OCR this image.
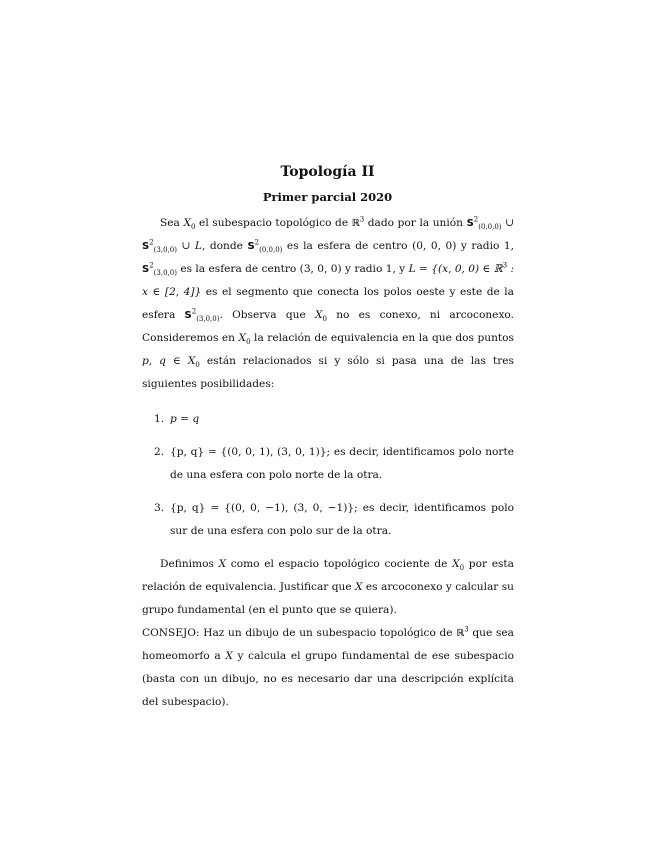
Topología II
Primer parcial 2020

Sea $X_0$ el subespacio topológico de ℝ$^3$ dado por la unión $S^2_{(0,0,0)}$ ∪ $S^2_{(3,0,0)}$ ∪ L, donde $S^2_{(0,0,0)}$ es la esfera de centro (0, 0, 0) y radio 1, $S^2_{(3,0,0)}$ es la esfera de centro (3, 0, 0) y radio 1, y L = {(x, 0, 0) ∈ ℝ$^3$ : x ∈ [2, 4]} es el segmento que conecta los polos oeste y este de la esfera $S^2_{(3,0,0)}$. Observa que $X_0$ no es conexo, ni arcoconexo. Consideremos en $X_0$ la relación de equivalencia en la que dos puntos p, q ∈ $X_0$ están relacionados si y sólo si pasa una de las tres siguientes posibilidades:

1. p = q
2. {p, q} = {(0, 0, 1), (3, 0, 1)}; es decir, identificamos polo norte de una esfera con polo norte de la otra.
3. {p, q} = {(0, 0, −1), (3, 0, −1)}; es decir, identificamos polo sur de una esfera con polo sur de la otra.

Definimos X como el espacio topológico cociente de $X_0$ por esta relación de equivalencia. Justificar que X es arcoconexo y calcular su grupo fundamental (en el punto que se quiera).

CONSEJO: Haz un dibujo de un subespacio topológico de ℝ$^3$ que sea homeomorfo a X y calcula el grupo fundamental de ese subespacio (basta con un dibujo, no es necesario dar una descripción explícita del subespacio).
